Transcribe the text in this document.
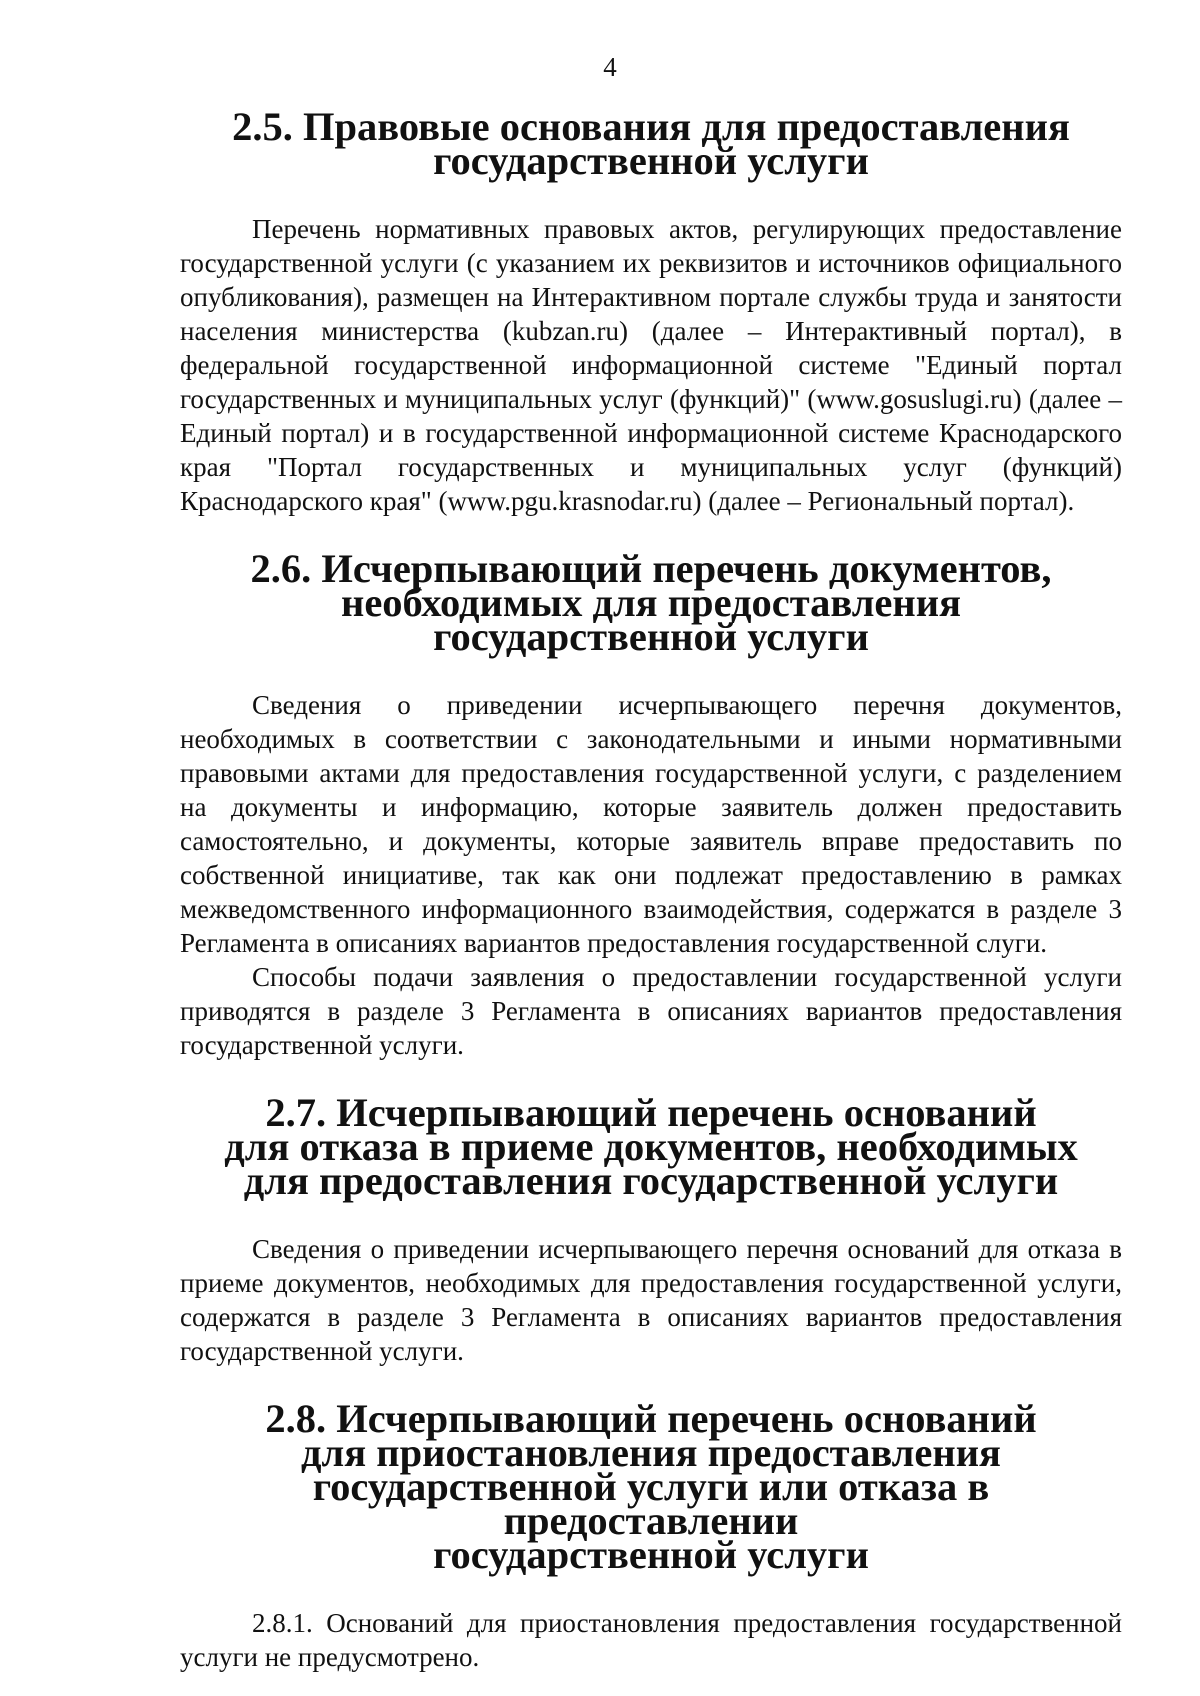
4
2.5. Правовые основания для предоставления
государственной услуги

Перечень нормативных правовых актов, регулирующих предоставление государственной услуги (с указанием их реквизитов и источников официального опубликования), размещен на Интерактивном портале службы труда и занятости населения министерства (kubzan.ru) (далее – Интерактивный портал), в федеральной государственной информационной системе "Единый портал государственных и муниципальных услуг (функций)" (www.gosuslugi.ru) (далее – Единый портал) и в государственной информационной системе Краснодарского края "Портал государственных и муниципальных услуг (функций) Краснодарского края" (www.pgu.krasnodar.ru) (далее – Региональный портал).

2.6. Исчерпывающий перечень документов,
необходимых для предоставления
государственной услуги

Сведения о приведении исчерпывающего перечня документов, необходимых в соответствии с законодательными и иными нормативными правовыми актами для предоставления государственной услуги, с разделением на документы и информацию, которые заявитель должен предоставить самостоятельно, и документы, которые заявитель вправе предоставить по собственной инициативе, так как они подлежат предоставлению в рамках межведомственного информационного взаимодействия, содержатся в разделе 3 Регламента в описаниях вариантов предоставления государственной слуги.

Способы подачи заявления о предоставлении государственной услуги приводятся в разделе 3 Регламента в описаниях вариантов предоставления государственной услуги.

2.7. Исчерпывающий перечень оснований
для отказа в приеме документов, необходимых
для предоставления государственной услуги

Сведения о приведении исчерпывающего перечня оснований для отказа в приеме документов, необходимых для предоставления государственной услуги, содержатся в разделе 3 Регламента в описаниях вариантов предоставления государственной услуги.

2.8. Исчерпывающий перечень оснований
для приостановления предоставления
государственной услуги или отказа в предоставлении
государственной услуги

2.8.1. Оснований для приостановления предоставления государственной услуги не предусмотрено.
